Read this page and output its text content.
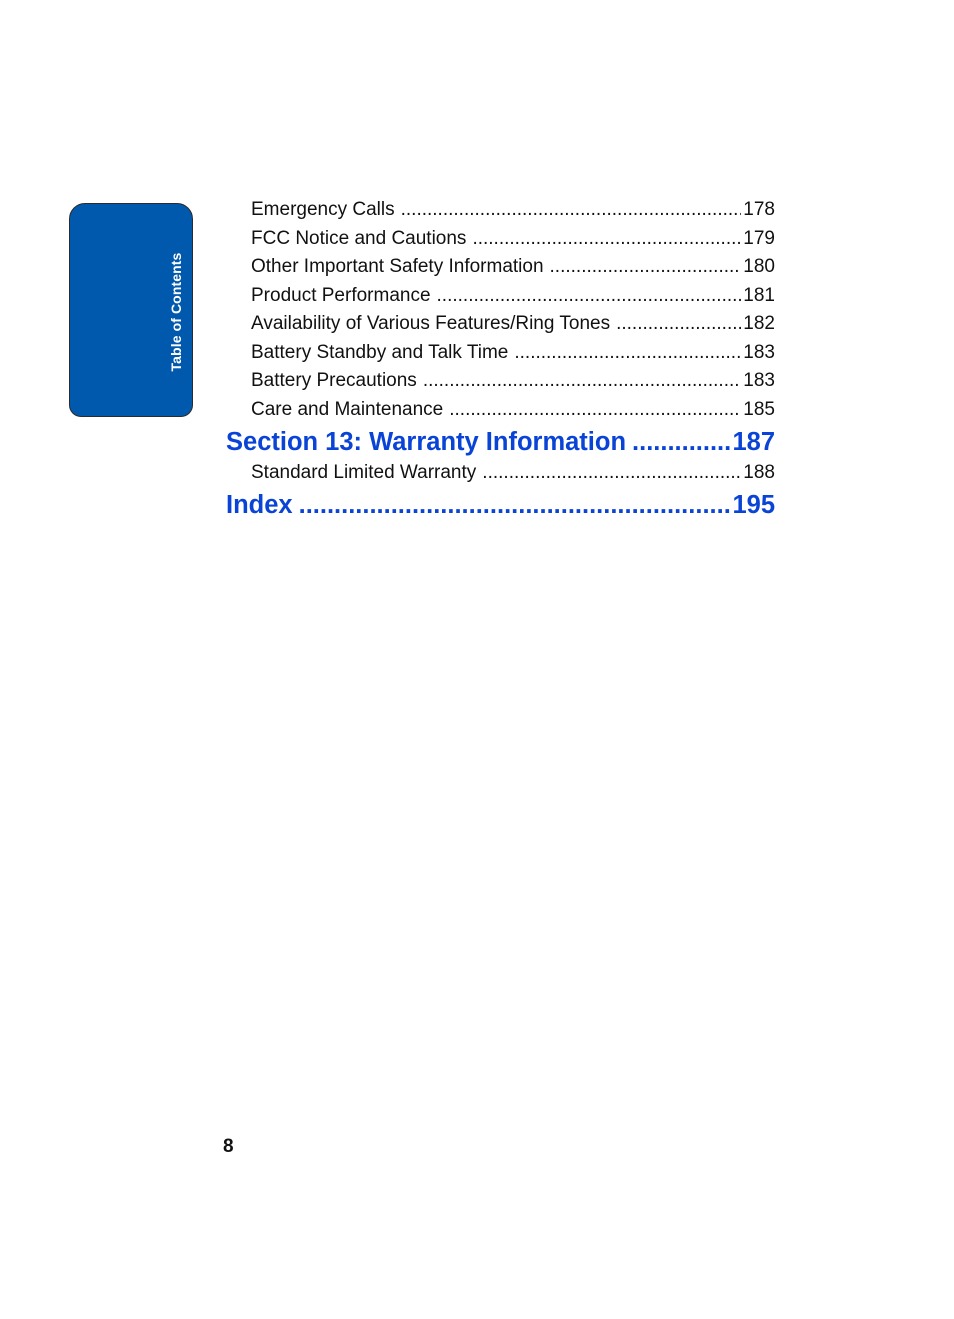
Table of Contents
Emergency Calls .....	178
FCC Notice and Cautions .....	179
Other Important Safety Information .....	180
Product Performance .....	181
Availability of Various Features/Ring Tones .....	182
Battery Standby and Talk Time .....	183
Battery Precautions .....	183
Care and Maintenance .....	185
Section 13: Warranty Information .....	187
Standard Limited Warranty .....	188
Index .....	195
8
